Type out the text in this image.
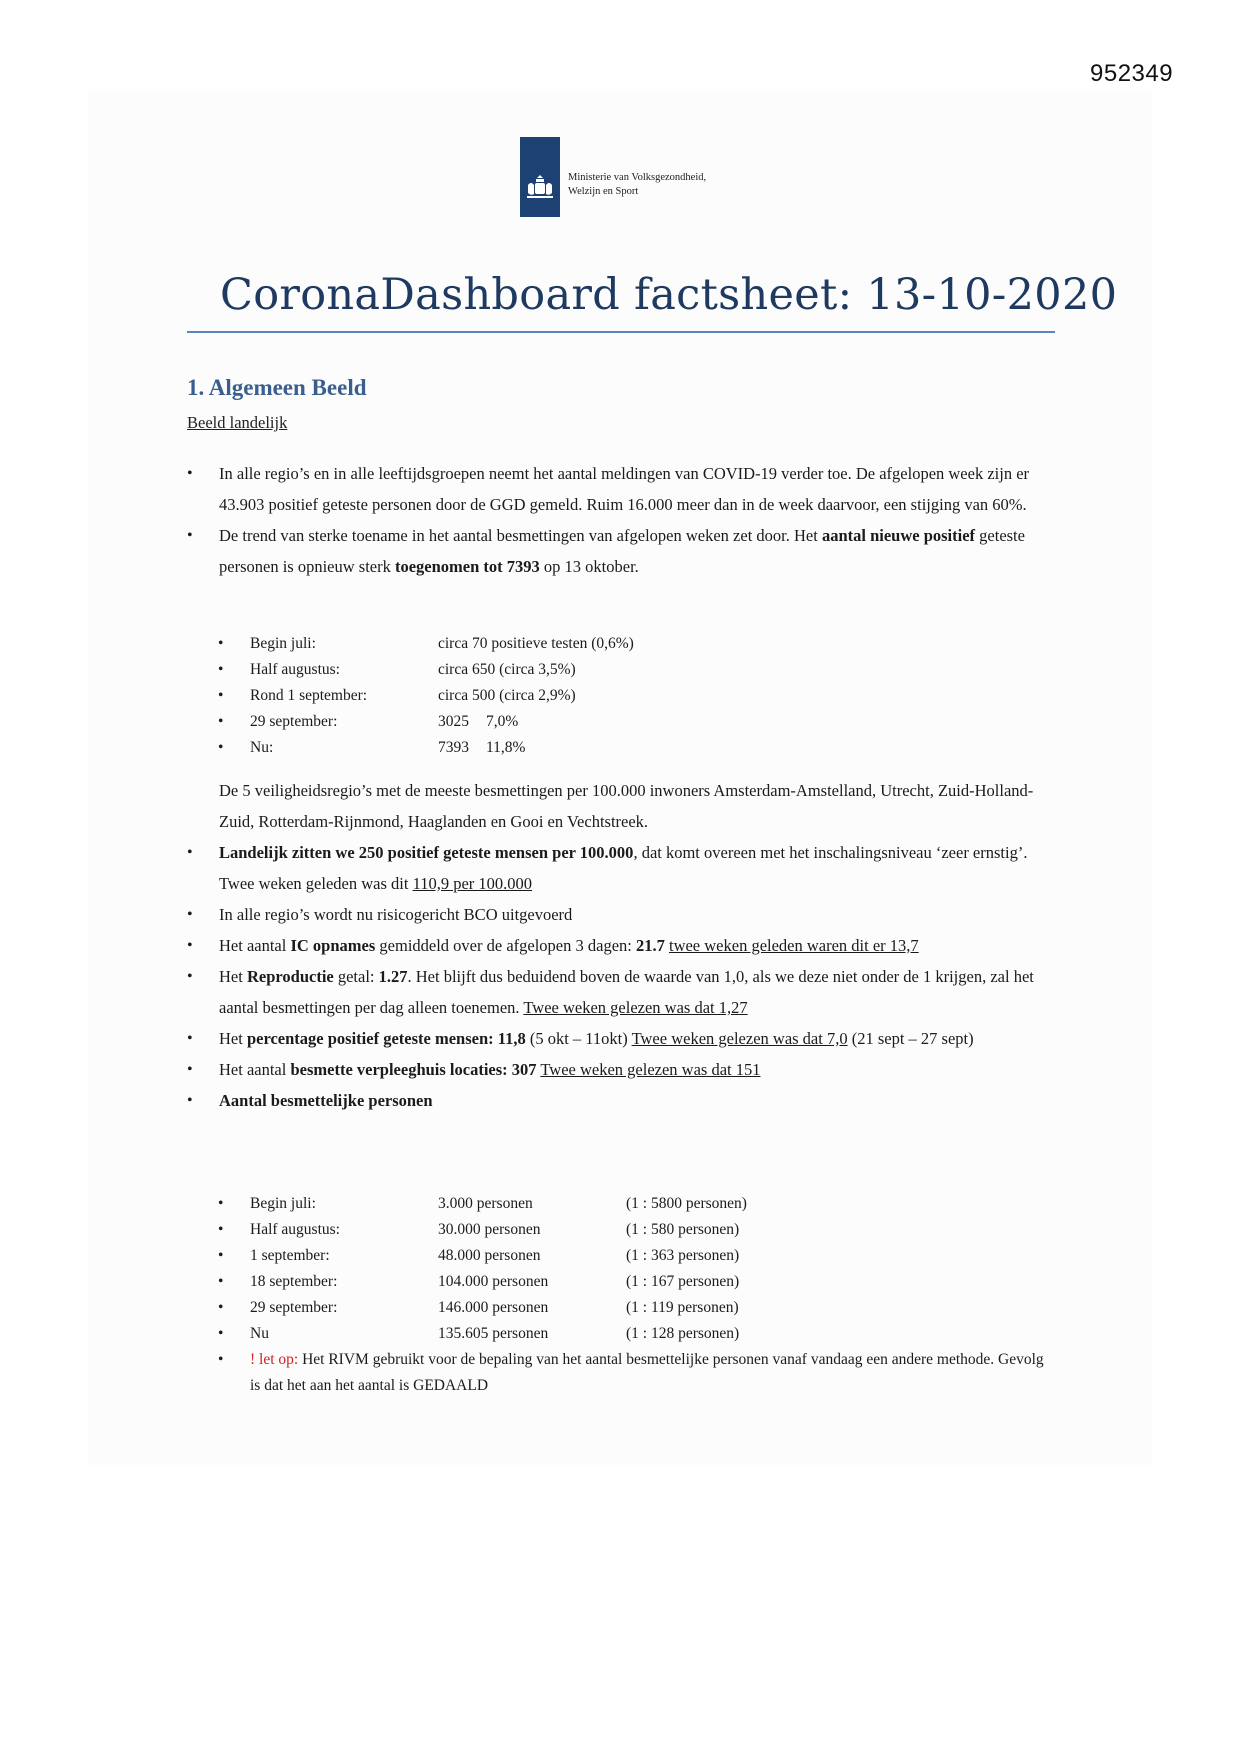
952349
Ministerie van Volksgezondheid,
Welzijn en Sport
CoronaDashboard factsheet: 13-10-2020
1. Algemeen Beeld
Beeld landelijk
• In alle regio’s en in alle leeftijdsgroepen neemt het aantal meldingen van COVID-19 verder toe. De afgelopen week zijn er 43.903 positief geteste personen door de GGD gemeld. Ruim 16.000 meer dan in de week daarvoor, een stijging van 60%.
• De trend van sterke toename in het aantal besmettingen van afgelopen weken zet door. Het aantal nieuwe positief geteste personen is opnieuw sterk toegenomen tot 7393 op 13 oktober.
• Begin juli:	circa 70 positieve testen (0,6%)
• Half augustus:	circa 650 (circa 3,5%)
• Rond 1 september:	circa 500 (circa 2,9%)
• 29 september:	3025	7,0%
• Nu:	7393	11,8%
De 5 veiligheidsregio’s met de meeste besmettingen per 100.000 inwoners Amsterdam-Amstelland, Utrecht, Zuid-Holland-Zuid, Rotterdam-Rijnmond, Haaglanden en Gooi en Vechtstreek.
• Landelijk zitten we 250 positief geteste mensen per 100.000, dat komt overeen met het inschalingsniveau ‘zeer ernstig’. Twee weken geleden was dit 110,9 per 100.000
• In alle regio’s wordt nu risicogericht BCO uitgevoerd
• Het aantal IC opnames gemiddeld over de afgelopen 3 dagen: 21.7 twee weken geleden waren dit er 13,7
• Het Reproductie getal: 1.27. Het blijft dus beduidend boven de waarde van 1,0, als we deze niet onder de 1 krijgen, zal het aantal besmettingen per dag alleen toenemen. Twee weken gelezen was dat 1,27
• Het percentage positief geteste mensen: 11,8 (5 okt – 11okt) Twee weken gelezen was dat 7,0 (21 sept – 27 sept)
• Het aantal besmette verpleeghuis locaties: 307 Twee weken gelezen was dat 151
• Aantal besmettelijke personen
• Begin juli:	3.000 personen	(1 : 5800 personen)
• Half augustus:	30.000 personen	(1 : 580 personen)
• 1 september:	48.000 personen	(1 : 363 personen)
• 18 september:	104.000 personen	(1 : 167 personen)
• 29 september:	146.000 personen	(1 : 119 personen)
• Nu	135.605 personen	(1 : 128 personen)
• ! let op: Het RIVM gebruikt voor de bepaling van het aantal besmettelijke personen vanaf vandaag een andere methode. Gevolg is dat het aan het aantal is GEDAALD
